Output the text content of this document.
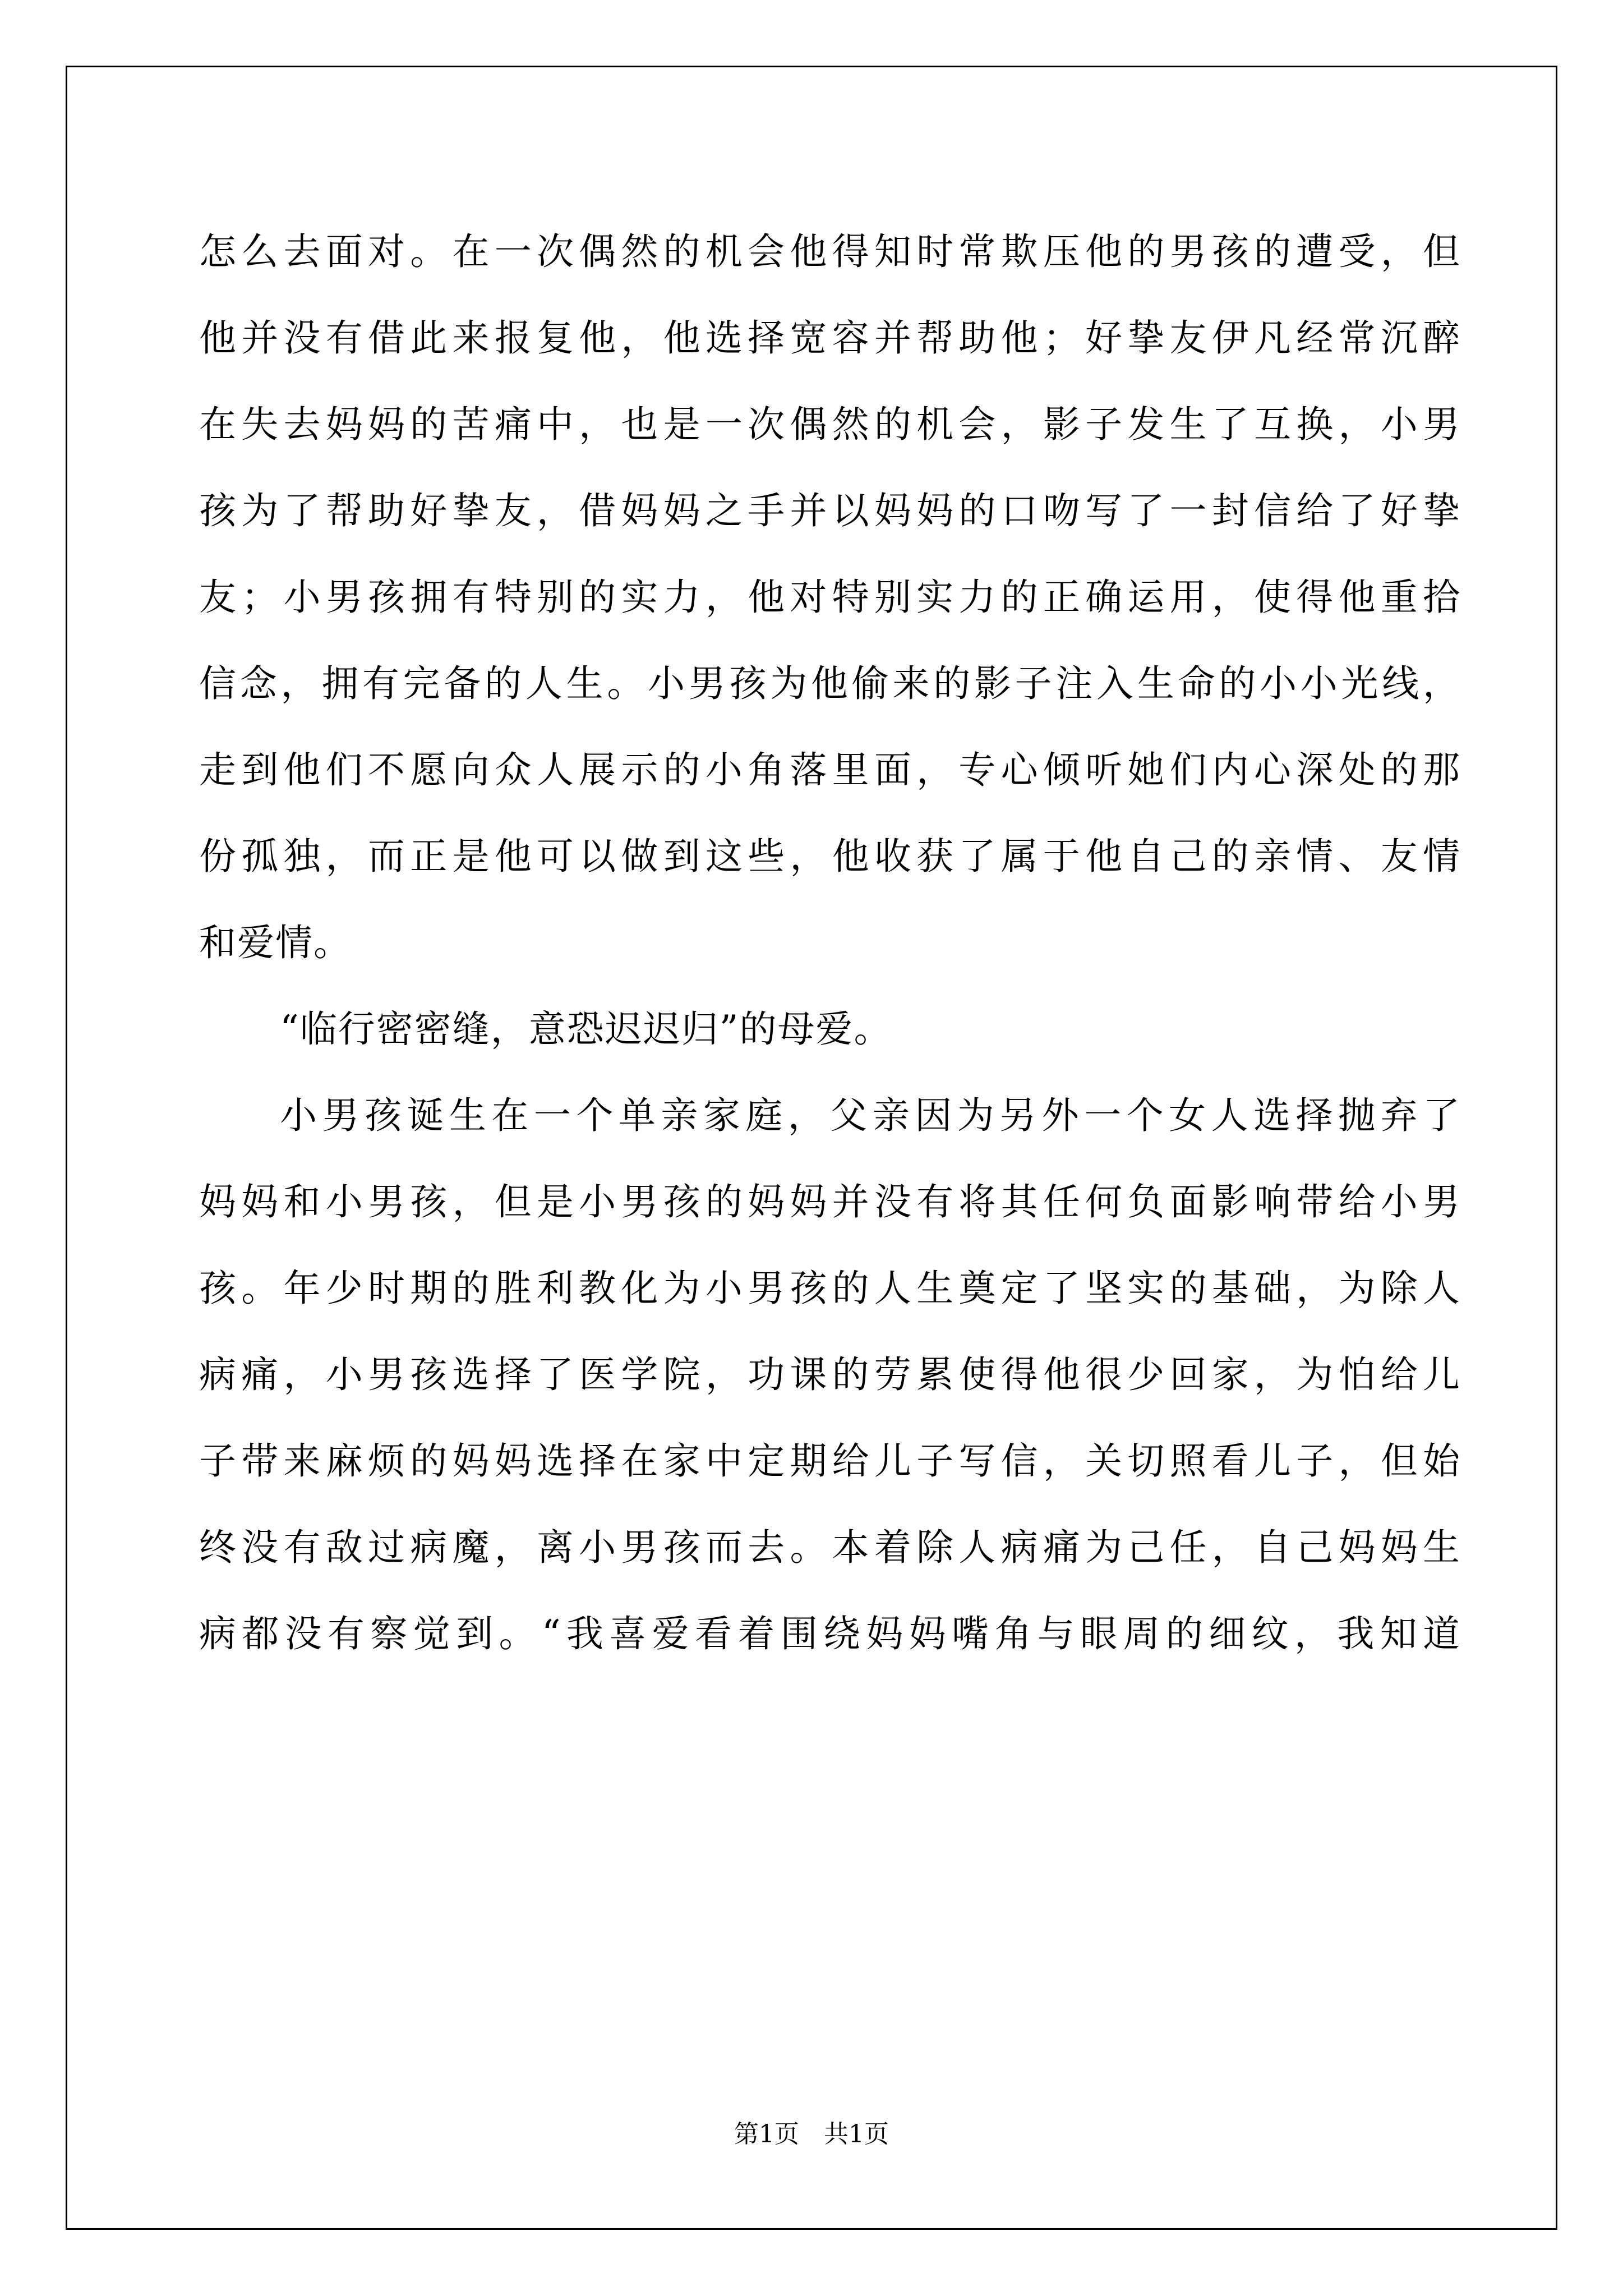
怎么去面对。在一次偶然的机会他得知时常欺压他的男孩的遭受，但
他并没有借此来报复他，他选择宽容并帮助他；好挚友伊凡经常沉醉
在失去妈妈的苦痛中，也是一次偶然的机会，影子发生了互换，小男
孩为了帮助好挚友，借妈妈之手并以妈妈的口吻写了一封信给了好挚
友；小男孩拥有特别的实力，他对特别实力的正确运用，使得他重拾
信念，拥有完备的人生。小男孩为他偷来的影子注入生命的小小光线，
走到他们不愿向众人展示的小角落里面，专心倾听她们内心深处的那
份孤独，而正是他可以做到这些，他收获了属于他自己的亲情、友情
和爱情。
“临行密密缝，意恐迟迟归”的母爱。
小男孩诞生在一个单亲家庭，父亲因为另外一个女人选择抛弃了
妈妈和小男孩，但是小男孩的妈妈并没有将其任何负面影响带给小男
孩。年少时期的胜利教化为小男孩的人生奠定了坚实的基础，为除人
病痛，小男孩选择了医学院，功课的劳累使得他很少回家，为怕给儿
子带来麻烦的妈妈选择在家中定期给儿子写信，关切照看儿子，但始
终没有敌过病魔，离小男孩而去。本着除人病痛为己任，自己妈妈生
病都没有察觉到。“我喜爱看着围绕妈妈嘴角与眼周的细纹，我知道
第1页　共1页
